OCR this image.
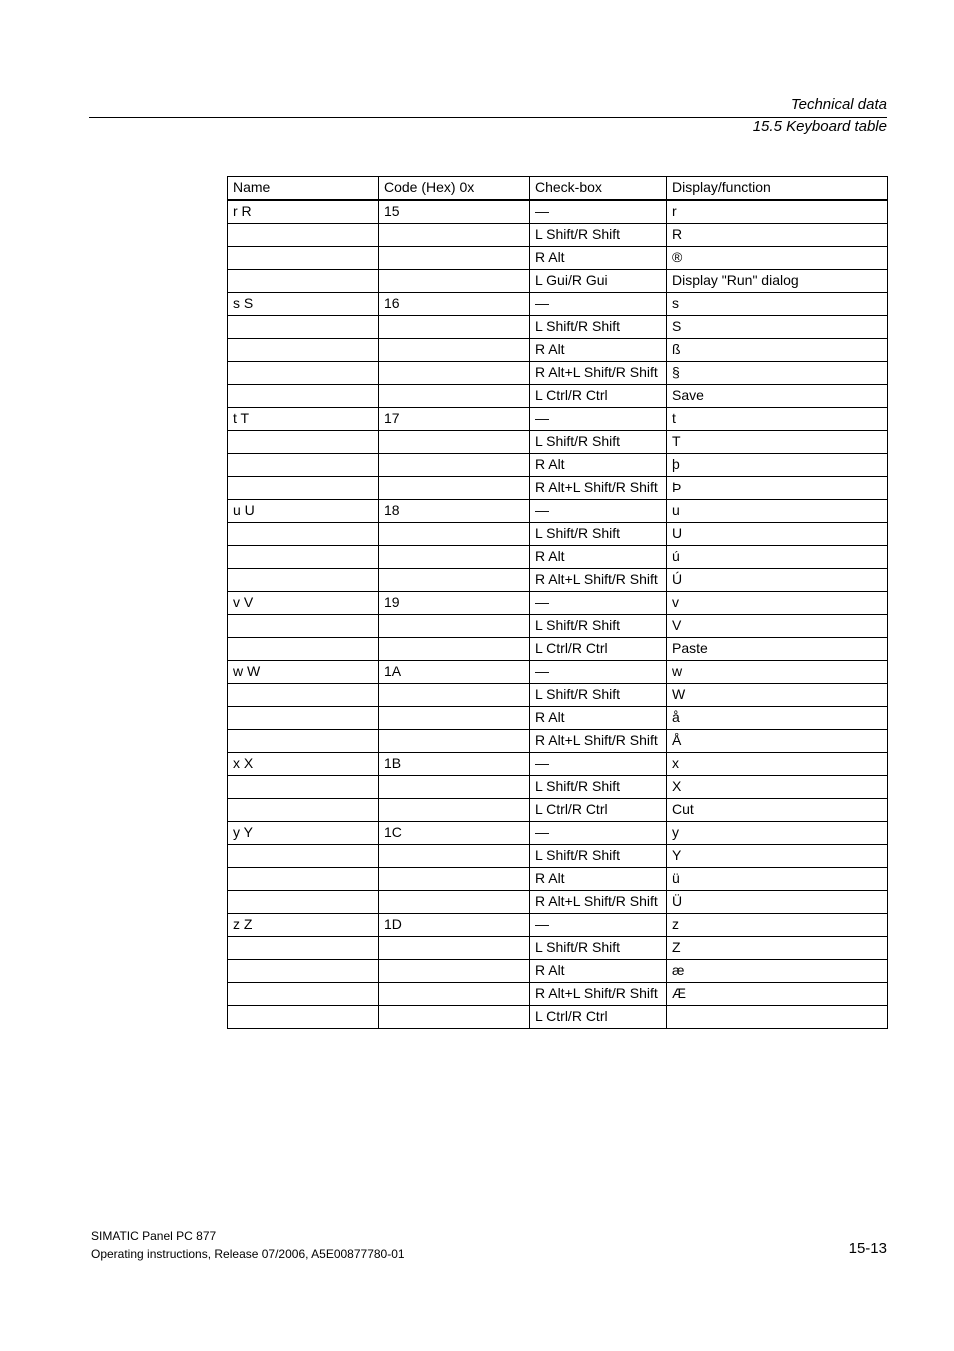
Technical data
15.5 Keyboard table
Name	Code (Hex) 0x	Check-box	Display/function
r R	15	—	r
		L Shift/R Shift	R
		R Alt	®
		L Gui/R Gui	Display "Run" dialog
s S	16	—	s
		L Shift/R Shift	S
		R Alt	ß
		R Alt+L Shift/R Shift	§
		L Ctrl/R Ctrl	Save
t T	17	—	t
		L Shift/R Shift	T
		R Alt	þ
		R Alt+L Shift/R Shift	Þ
u U	18	—	u
		L Shift/R Shift	U
		R Alt	ú
		R Alt+L Shift/R Shift	Ú
v V	19	—	v
		L Shift/R Shift	V
		L Ctrl/R Ctrl	Paste
w W	1A	—	w
		L Shift/R Shift	W
		R Alt	å
		R Alt+L Shift/R Shift	Å
x X	1B	—	x
		L Shift/R Shift	X
		L Ctrl/R Ctrl	Cut
y Y	1C	—	y
		L Shift/R Shift	Y
		R Alt	ü
		R Alt+L Shift/R Shift	Ü
z Z	1D	—	z
		L Shift/R Shift	Z
		R Alt	æ
		R Alt+L Shift/R Shift	Æ
		L Ctrl/R Ctrl	
SIMATIC Panel PC 877
Operating instructions, Release 07/2006, A5E00877780-01	15-13
